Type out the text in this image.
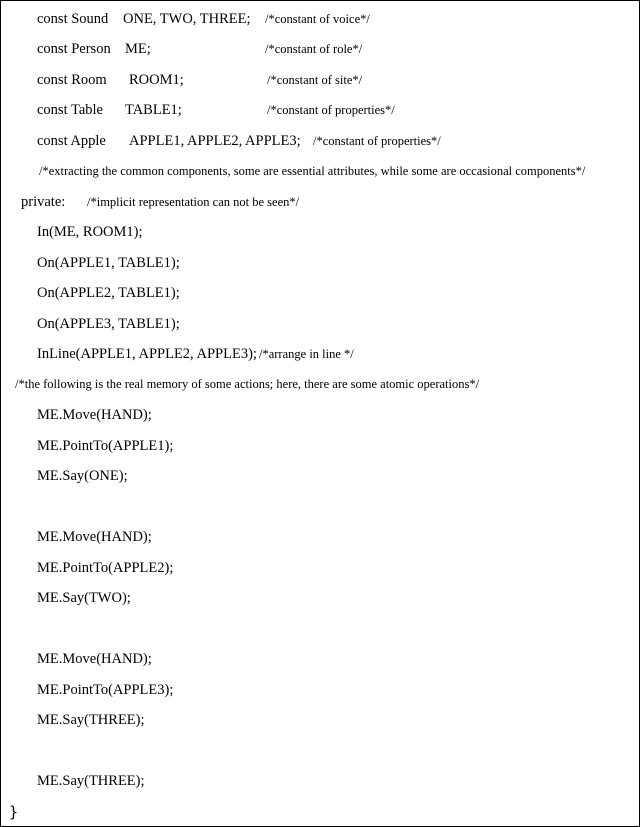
const Sound ONE, TWO, THREE; /*constant of voice*/
const Person ME;	/*constant of role*/
const Room ROOM1;	/*constant of site*/
const Table TABLE1;	/*constant of properties*/
const Apple APPLE1, APPLE2, APPLE3; /*constant of properties*/
/*extracting the common components, some are essential attributes, while some are occasional components*/
private: /*implicit representation can not be seen*/
In(ME, ROOM1);
On(APPLE1, TABLE1);
On(APPLE2, TABLE1);
On(APPLE3, TABLE1);
InLine(APPLE1, APPLE2, APPLE3); /*arrange in line */
/*the following is the real memory of some actions; here, there are some atomic operations*/
ME.Move(HAND);
ME.PointTo(APPLE1);
ME.Say(ONE);
ME.Move(HAND);
ME.PointTo(APPLE2);
ME.Say(TWO);
ME.Move(HAND);
ME.PointTo(APPLE3);
ME.Say(THREE);
ME.Say(THREE);
}
